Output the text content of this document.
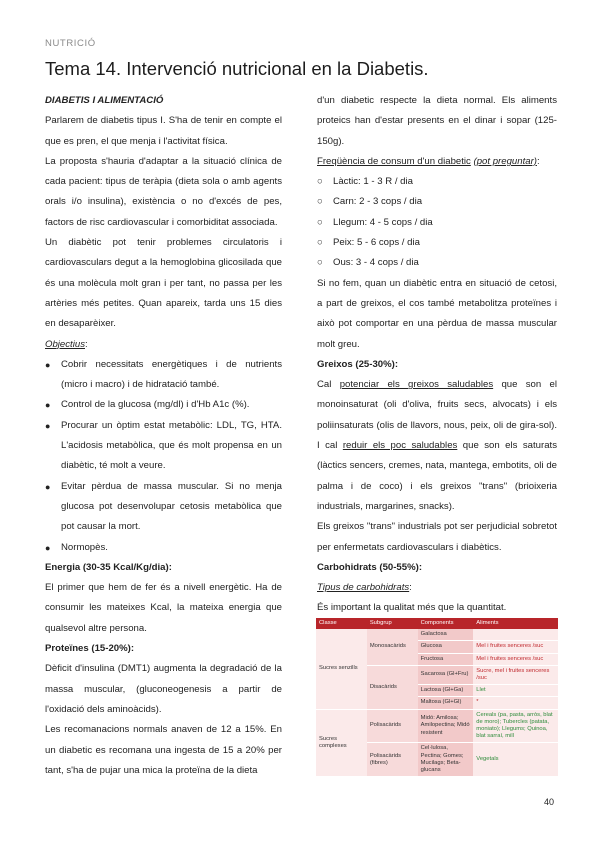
NUTRICIÓ
Tema 14. Intervenció nutricional en la Diabetis.

DIABETIS I ALIMENTACIÓ

Parlarem de diabetis tipus I. S'ha de tenir en compte el que es pren, el que menja i l'activitat física.

La proposta s'hauria d'adaptar a la situació clínica de cada pacient: tipus de teràpia (dieta sola o amb agents orals i/o insulina), existència o no d'excés de pes, factors de risc cardiovascular i comorbiditat associada.

Un diabètic pot tenir problemes circulatoris i cardiovasculars degut a la hemoglobina glicosilada que és una molècula molt gran i per tant, no passa per les artèries més petites. Quan apareix, tarda uns 15 dies en desaparèixer.

Objectius:

● Cobrir necessitats energètiques i de nutrients (micro i macro) i de hidratació també.
● Control de la glucosa (mg/dl) i d'Hb A1c (%).
● Procurar un òptim estat metabòlic: LDL, TG, HTA. L'acidosis metabòlica, que és molt propensa en un diabètic, té molt a veure.
● Evitar pèrdua de massa muscular. Si no menja glucosa pot desenvolupar cetosis metabòlica que pot causar la mort.
● Normopès.

Energia (30-35 Kcal/Kg/dia):

El primer que hem de fer és a nivell energètic. Ha de consumir les mateixes Kcal, la mateixa energia que qualsevol altre persona.

Proteïnes (15-20%):

Dèficit d'insulina (DMT1) augmenta la degradació de la massa muscular, (gluconeogenesis a partir de l'oxidació dels aminoàcids).

Les recomanacions normals anaven de 12 a 15%. En un diabetic es recomana una ingesta de 15 a 20% per tant, s'ha de pujar una mica la proteïna de la dieta

d'un diabetic respecte la dieta normal. Els aliments proteics han d'estar presents en el dinar i sopar (125-150g).

Freqüència de consum d'un diabetic (pot preguntar):

○ Làctic: 1 - 3 R / dia
○ Carn: 2 - 3 cops / dia
○ Llegum: 4 - 5 cops / dia
○ Peix: 5 - 6 cops / dia
○ Ous: 3 - 4 cops / dia

Si no fem, quan un diabètic entra en situació de cetosi, a part de greixos, el cos també metabolitza proteïnes i això pot comportar en una pèrdua de massa muscular molt greu.

Greixos (25-30%):

Cal potenciar els greixos saludables que son el monoinsaturat (oli d'oliva, fruits secs, alvocats) i els poliinsaturats (olis de llavors, nous, peix, oli de gira-sol). I cal reduir els poc saludables que son els saturats (làctics sencers, cremes, nata, mantega, embotits, oli de palma i de coco) i els greixos "trans" (brioixeria industrials, margarines, snacks).

Els greixos "trans" industrials pot ser perjudicial sobretot per enfermetats cardiovasculars i diabètics.

Carbohidrats (50-55%):

Tipus de carbohidrats:

És important la qualitat més que la quantitat.

Classe	Subgrup	Components	Aliments
Sucres senzills	Monosacàrids	Galactosa	
		Glucosa	Mel i fruites senceres /suc
		Fructosa	Mel i fruites senceres /suc
	Disacàrids	Sacarosa (Gl+Fru)	Sucre, mel i fruites senceres /suc
		Lactosa (Gl+Ga)	Llet
		Maltosa (Gl+Gl)	*
Sucres complexes	Polisacàrids	Midó: Amilosa; Amilopectina; Midó resistent	Cereals (pa, pasta, arròs, blat de moro); Tubercles (patata, moniato); Llegums; Quinoa, blat sarraí, mill
	Polisacàrids (fibres)	Cel·lulosa, Pectina; Gomes; Mucilags; Beta-glucans	Vegetals
40
